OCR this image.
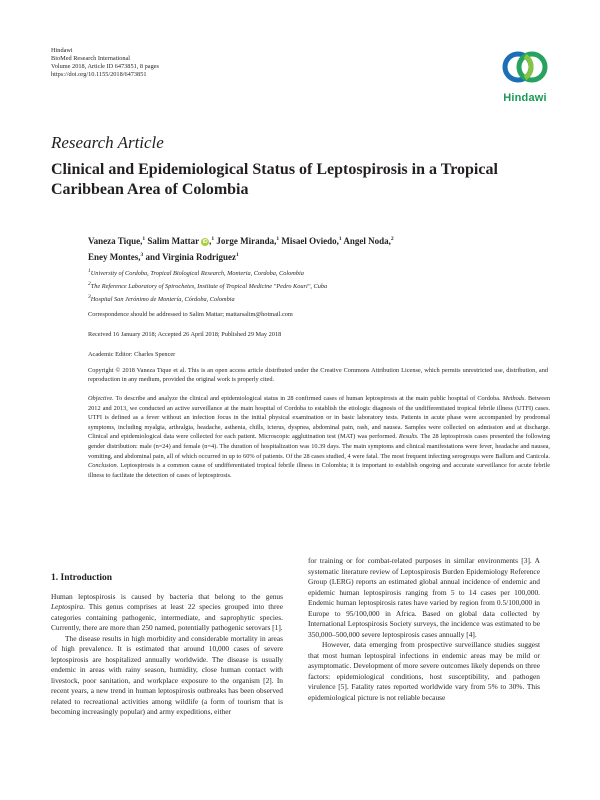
Hindawi
BioMed Research International
Volume 2018, Article ID 6473851, 8 pages
https://doi.org/10.1155/2018/6473851
Hindawi
Research Article
Clinical and Epidemiological Status of Leptospirosis in a Tropical Caribbean Area of Colombia
Vaneza Tique,$^1$ Salim Mattar iD ,$^1$ Jorge Miranda,$^1$ Misael Oviedo,$^1$ Angel Noda,$^2$
Eney Montes,$^3$ and Virginia Rodriguez$^1$
1University of Cordoba, Tropical Biological Research, Monteria, Cordoba, Colombia
2The Reference Laboratory of Spirochetes, Institute of Tropical Medicine "Pedro Kouri", Cuba
3Hospital San Jerónimo de Montería, Córdoba, Colombia
Correspondence should be addressed to Salim Mattar; mattarsalim@hotmail.com
Received 16 January 2018; Accepted 26 April 2018; Published 29 May 2018
Academic Editor: Charles Spencer
Copyright © 2018 Vaneza Tique et al. This is an open access article distributed under the Creative Commons Attribution License, which permits unrestricted use, distribution, and reproduction in any medium, provided the original work is properly cited.
Objective. To describe and analyze the clinical and epidemiological status in 28 confirmed cases of human leptospirosis at the main public hospital of Cordoba. Methods. Between 2012 and 2013, we conducted an active surveillance at the main hospital of Cordoba to establish the etiologic diagnosis of the undifferentiated tropical febrile illness (UTFI) cases. UTFI is defined as a fever without an infection focus in the initial physical examination or in basic laboratory tests. Patients in acute phase were accompanied by prodromal symptoms, including myalgia, arthralgia, headache, asthenia, chills, icterus, dyspnea, abdominal pain, rash, and nausea. Samples were collected on admission and at discharge. Clinical and epidemiological data were collected for each patient. Microscopic agglutination test (MAT) was performed. Results. The 28 leptospirosis cases presented the following gender distribution: male (n=24) and female (n=4). The duration of hospitalization was 10.39 days. The main symptoms and clinical manifestations were fever, headache and nausea, vomiting, and abdominal pain, all of which occurred in up to 60% of patients. Of the 28 cases studied, 4 were fatal. The most frequent infecting serogroups were Ballum and Canicola. Conclusion. Leptospirosis is a common cause of undifferentiated tropical febrile illness in Colombia; it is important to establish ongoing and accurate surveillance for acute febrile illness to facilitate the detection of cases of leptospirosis.
1. Introduction

Human leptospirosis is caused by bacteria that belong to the genus Leptospira. This genus comprises at least 22 species grouped into three categories containing pathogenic, intermediate, and saprophytic species. Currently, there are more than 250 named, potentially pathogenic serovars [1].

The disease results in high morbidity and considerable mortality in areas of high prevalence. It is estimated that around 10,000 cases of severe leptospirosis are hospitalized annually worldwide. The disease is usually endemic in areas with rainy season, humidity, close human contact with livestock, poor sanitation, and workplace exposure to the organism [2]. In recent years, a new trend in human leptospirosis outbreaks has been observed related to recreational activities among wildlife (a form of tourism that is becoming increasingly popular) and army expeditions, either

for training or for combat-related purposes in similar environments [3]. A systematic literature review of Leptospirosis Burden Epidemiology Reference Group (LERG) reports an estimated global annual incidence of endemic and epidemic human leptospirosis ranging from 5 to 14 cases per 100,000. Endemic human leptospirosis rates have varied by region from 0.5/100,000 in Europe to 95/100,000 in Africa. Based on global data collected by International Leptospirosis Society surveys, the incidence was estimated to be 350,000–500,000 severe leptospirosis cases annually [4].

However, data emerging from prospective surveillance studies suggest that most human leptospiral infections in endemic areas may be mild or asymptomatic. Development of more severe outcomes likely depends on three factors: epidemiological conditions, host susceptibility, and pathogen virulence [5]. Fatality rates reported worldwide vary from 5% to 30%. This epidemiological picture is not reliable because
